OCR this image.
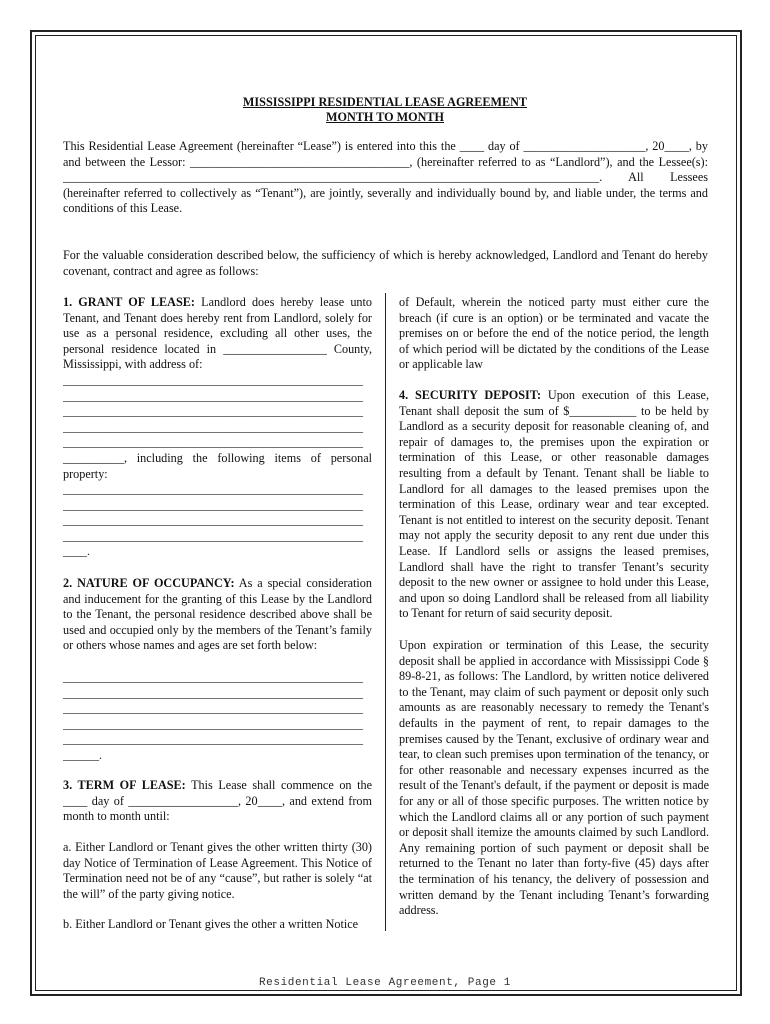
MISSISSIPPI RESIDENTIAL LEASE AGREEMENT
MONTH TO MONTH
This Residential Lease Agreement (hereinafter “Lease”) is entered into this the ____ day of ____________________, 20____, by and between the Lessor: ____________________________________, (hereinafter referred to as “Landlord”), and the Lessee(s): ________________________________________________________________________________________. All Lessees (hereinafter referred to collectively as “Tenant”), are jointly, severally and individually bound by, and liable under, the terms and conditions of this Lease.
For the valuable consideration described below, the sufficiency of which is hereby acknowledged, Landlord and Tenant do hereby covenant, contract and agree as follows:
1. GRANT OF LEASE: Landlord does hereby lease unto Tenant, and Tenant does hereby rent from Landlord, solely for use as a personal residence, excluding all other uses, the personal residence located in _________________ County, Mississippi, with address of:
__________________________________________________
__________________________________________________
__________________________________________________
__________________________________________________
__________________________________________________
__________, including the following items of personal property:
__________________________________________________
__________________________________________________
__________________________________________________
__________________________________________________
____.
2. NATURE OF OCCUPANCY: As a special consideration and inducement for the granting of this Lease by the Landlord to the Tenant, the personal residence described above shall be used and occupied only by the members of the Tenant’s family or others whose names and ages are set forth below:
__________________________________________________
__________________________________________________
__________________________________________________
__________________________________________________
__________________________________________________
______.
3. TERM OF LEASE: This Lease shall commence on the ____ day of __________________, 20____, and extend from month to month until:
a. Either Landlord or Tenant gives the other written thirty (30) day Notice of Termination of Lease Agreement. This Notice of Termination need not be of any “cause”, but rather is solely “at the will” of the party giving notice.
b. Either Landlord or Tenant gives the other a written Notice
of Default, wherein the noticed party must either cure the breach (if cure is an option) or be terminated and vacate the premises on or before the end of the notice period, the length of which period will be dictated by the conditions of the Lease or applicable law
4. SECURITY DEPOSIT: Upon execution of this Lease, Tenant shall deposit the sum of $___________ to be held by Landlord as a security deposit for reasonable cleaning of, and repair of damages to, the premises upon the expiration or termination of this Lease, or other reasonable damages resulting from a default by Tenant. Tenant shall be liable to Landlord for all damages to the leased premises upon the termination of this Lease, ordinary wear and tear excepted. Tenant is not entitled to interest on the security deposit. Tenant may not apply the security deposit to any rent due under this Lease. If Landlord sells or assigns the leased premises, Landlord shall have the right to transfer Tenant’s security deposit to the new owner or assignee to hold under this Lease, and upon so doing Landlord shall be released from all liability to Tenant for return of said security deposit.
Upon expiration or termination of this Lease, the security deposit shall be applied in accordance with Mississippi Code § 89-8-21, as follows: The Landlord, by written notice delivered to the Tenant, may claim of such payment or deposit only such amounts as are reasonably necessary to remedy the Tenant's defaults in the payment of rent, to repair damages to the premises caused by the Tenant, exclusive of ordinary wear and tear, to clean such premises upon termination of the tenancy, or for other reasonable and necessary expenses incurred as the result of the Tenant's default, if the payment or deposit is made for any or all of those specific purposes. The written notice by which the Landlord claims all or any portion of such payment or deposit shall itemize the amounts claimed by such Landlord. Any remaining portion of such payment or deposit shall be returned to the Tenant no later than forty-five (45) days after the termination of his tenancy, the delivery of possession and written demand by the Tenant including Tenant’s forwarding address.
Residential Lease Agreement, Page 1
